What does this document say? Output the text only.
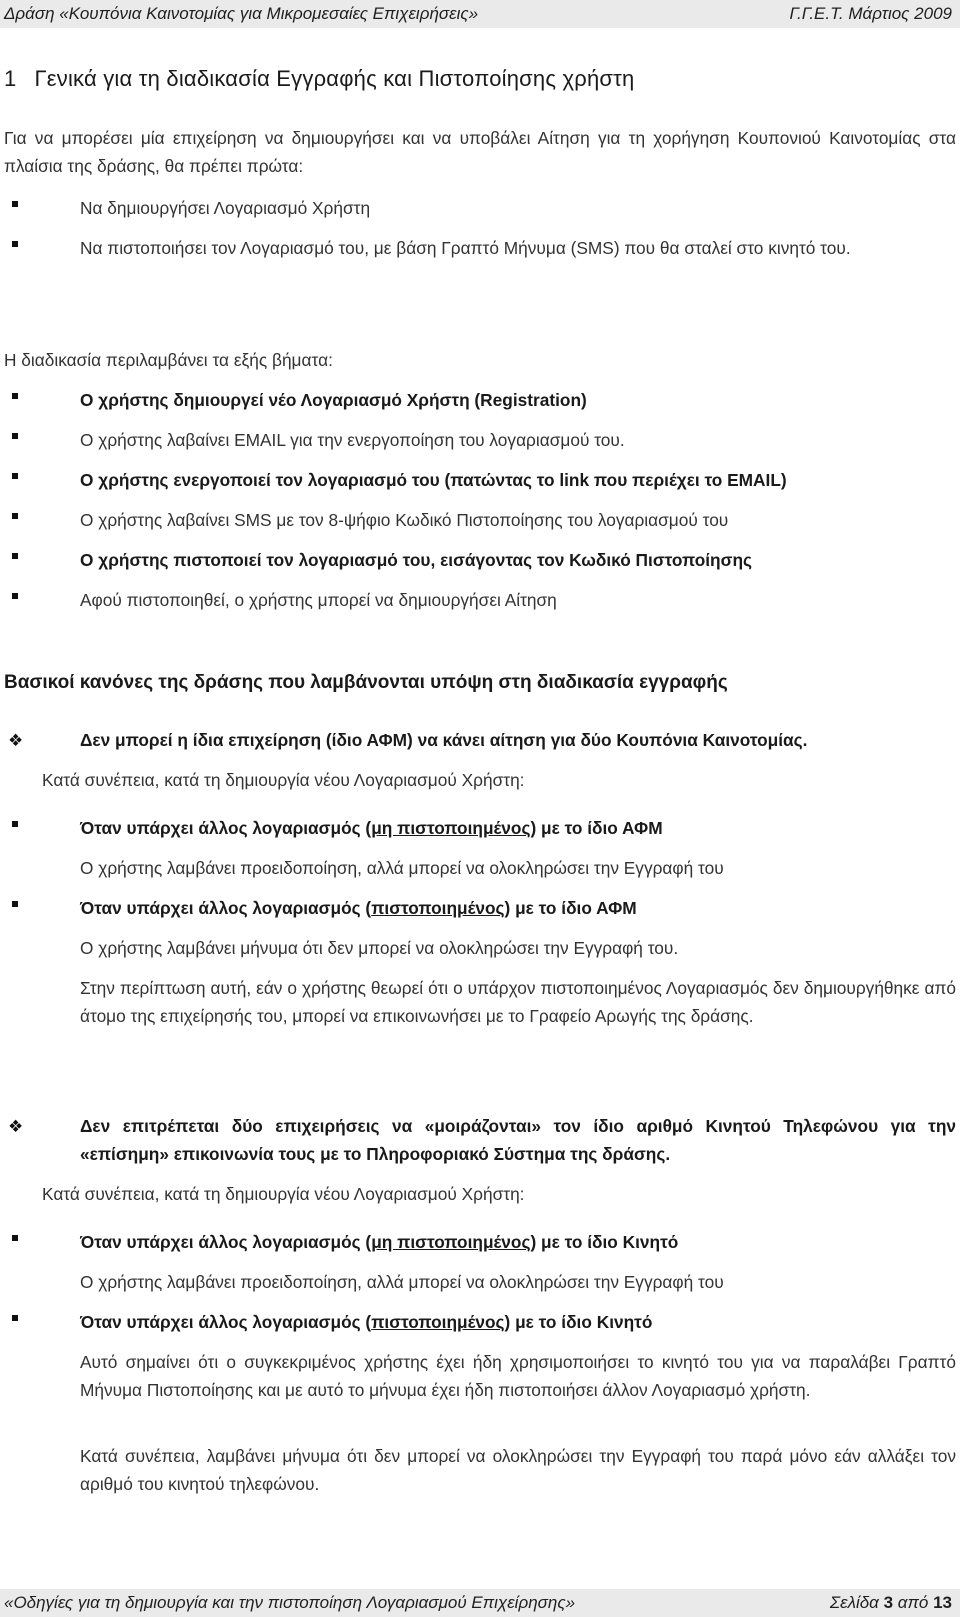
Δράση «Κουπόνια Καινοτομίας για Μικρομεσαίες Επιχειρήσεις»	Γ.Γ.Ε.Τ. Μάρτιος 2009
1 Γενικά για τη διαδικασία Εγγραφής και Πιστοποίησης χρήστη
Για να μπορέσει μία επιχείρηση να δημιουργήσει και να υποβάλει Αίτηση για τη χορήγηση Κουπονιού Καινοτομίας στα πλαίσια της δράσης, θα πρέπει πρώτα:
Να δημιουργήσει Λογαριασμό Χρήστη
Να πιστοποιήσει τον Λογαριασμό του, με βάση Γραπτό Μήνυμα (SMS) που θα σταλεί στο κινητό του.
Η διαδικασία περιλαμβάνει τα εξής βήματα:
Ο χρήστης δημιουργεί νέο Λογαριασμό Χρήστη (Registration)
Ο χρήστης λαβαίνει EMAIL για την ενεργοποίηση του λογαριασμού του.
Ο χρήστης ενεργοποιεί τον λογαριασμό του (πατώντας το link που περιέχει το EMAIL)
Ο χρήστης λαβαίνει SMS με τον 8-ψήφιο Κωδικό Πιστοποίησης του λογαριασμού του
Ο χρήστης πιστοποιεί τον λογαριασμό του, εισάγοντας τον Κωδικό Πιστοποίησης
Αφού πιστοποιηθεί, ο χρήστης μπορεί να δημιουργήσει Αίτηση
Βασικοί κανόνες της δράσης που λαμβάνονται υπόψη στη διαδικασία εγγραφής
❖	Δεν μπορεί η ίδια επιχείρηση (ίδιο ΑΦΜ) να κάνει αίτηση για δύο Κουπόνια Καινοτομίας.
Κατά συνέπεια, κατά τη δημιουργία νέου Λογαριασμού Χρήστη:
Όταν υπάρχει άλλος λογαριασμός (μη πιστοποιημένος) με το ίδιο ΑΦΜ
Ο χρήστης λαμβάνει προειδοποίηση, αλλά μπορεί να ολοκληρώσει την Εγγραφή του
Όταν υπάρχει άλλος λογαριασμός (πιστοποιημένος) με το ίδιο ΑΦΜ
Ο χρήστης λαμβάνει μήνυμα ότι δεν μπορεί να ολοκληρώσει την Εγγραφή του.
Στην περίπτωση αυτή, εάν ο χρήστης θεωρεί ότι ο υπάρχον πιστοποιημένος Λογαριασμός δεν δημιουργήθηκε από άτομο της επιχείρησής του, μπορεί να επικοινωνήσει με το Γραφείο Αρωγής της δράσης.
❖	Δεν επιτρέπεται δύο επιχειρήσεις να «μοιράζονται» τον ίδιο αριθμό Κινητού Τηλεφώνου για την «επίσημη» επικοινωνία τους με το Πληροφοριακό Σύστημα της δράσης.
Κατά συνέπεια, κατά τη δημιουργία νέου Λογαριασμού Χρήστη:
Όταν υπάρχει άλλος λογαριασμός (μη πιστοποιημένος) με το ίδιο Κινητό
Ο χρήστης λαμβάνει προειδοποίηση, αλλά μπορεί να ολοκληρώσει την Εγγραφή του
Όταν υπάρχει άλλος λογαριασμός (πιστοποιημένος) με το ίδιο Κινητό
Αυτό σημαίνει ότι ο συγκεκριμένος χρήστης έχει ήδη χρησιμοποιήσει το κινητό του για να παραλάβει Γραπτό Μήνυμα Πιστοποίησης και με αυτό το μήνυμα έχει ήδη πιστοποιήσει άλλον Λογαριασμό χρήστη.
Κατά συνέπεια, λαμβάνει μήνυμα ότι δεν μπορεί να ολοκληρώσει την Εγγραφή του παρά μόνο εάν αλλάξει τον αριθμό του κινητού τηλεφώνου.
«Οδηγίες για τη δημιουργία και την πιστοποίηση Λογαριασμού Επιχείρησης»	Σελίδα 3 από 13
